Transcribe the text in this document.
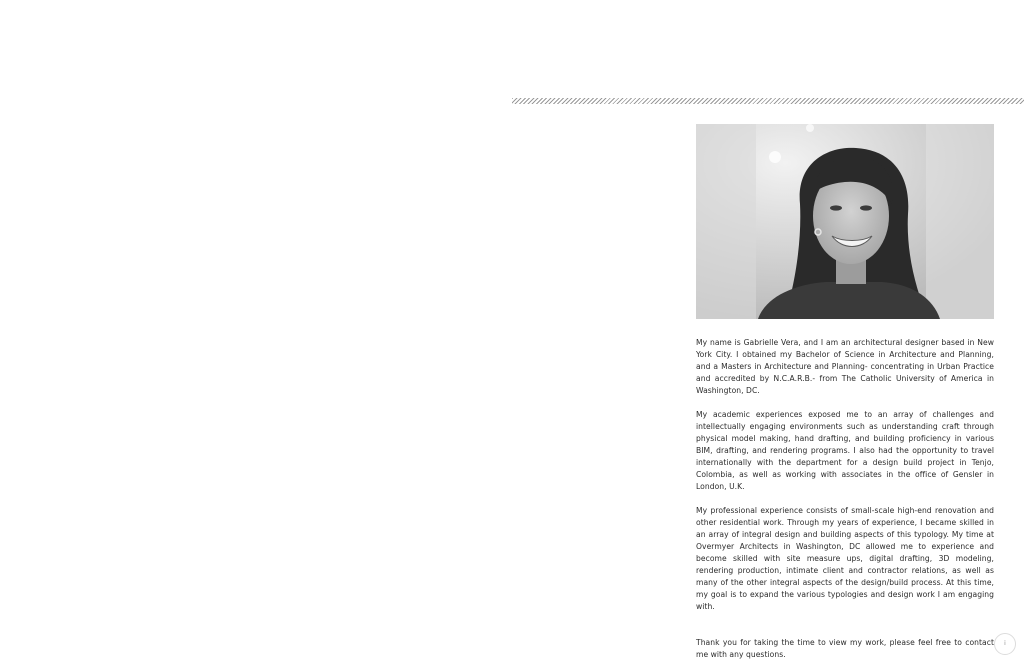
My name is Gabrielle Vera, and I am an architectural designer based in New York City. I obtained my Bachelor of Science in Architecture and Planning, and a Masters in Architecture and Planning- concentrating in Urban Practice and accredited by N.C.A.R.B.- from The Catholic University of America in Washington, DC.

My academic experiences exposed me to an array of challenges and intellectually engaging environments such as understanding craft through physical model making, hand drafting, and building proficiency in various BIM, drafting, and rendering programs. I also had the opportunity to travel internationally with the department for a design build project in Tenjo, Colombia, as well as working with associates in the office of Gensler in London, U.K.

My professional experience consists of small-scale high-end renovation and other residential work. Through my years of experience, I became skilled in an array of integral design and building aspects of this typology. My time at Overmyer Architects in Washington, DC allowed me to experience and become skilled with site measure ups, digital drafting, 3D modeling, rendering production, intimate client and contractor relations, as well as many of the other integral aspects of the design/build process. At this time, my goal is to expand the various typologies and design work I am engaging with.

Thank you for taking the time to view my work, please feel free to contact me with any questions.

i
